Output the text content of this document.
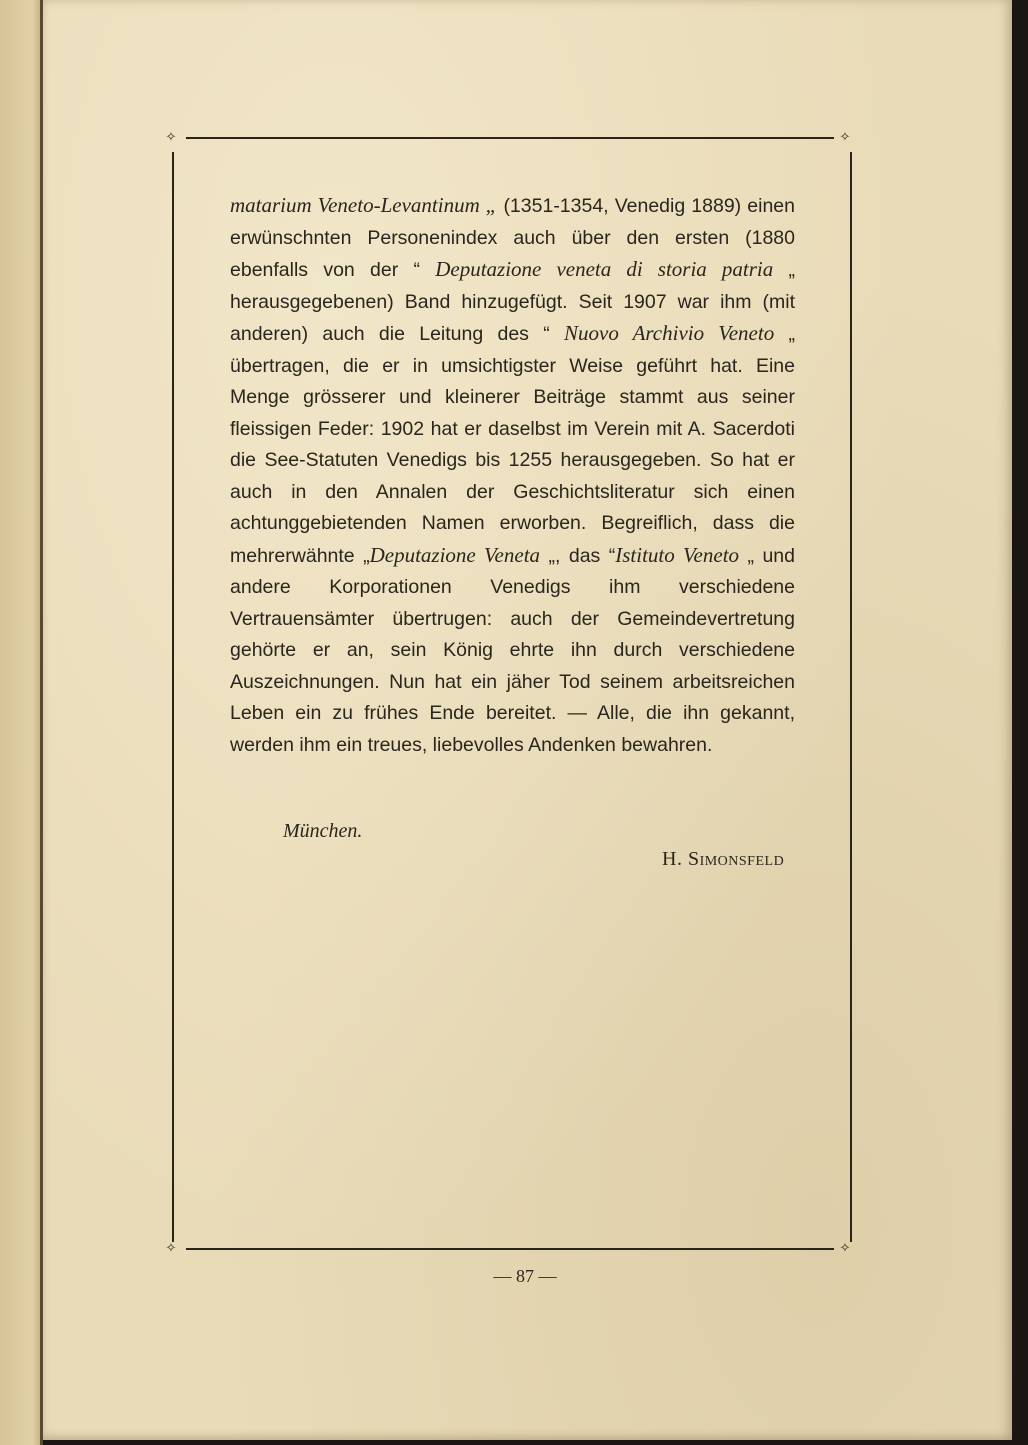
✧	✧
matarium Veneto-Levantinum „ (1351-1354, Venedig 1889) einen erwünschnten Personenindex auch über den ersten (1880 ebenfalls von der “ Deputazione veneta di storia patria „ herausgegebenen) Band hinzugefügt. Seit 1907 war ihm (mit anderen) auch die Leitung des “ Nuovo Archivio Veneto „ übertragen, die er in umsichtigster Weise geführt hat. Eine Menge grösserer und kleinerer Beiträge stammt aus seiner fleissigen Feder: 1902 hat er daselbst im Verein mit A. Sacerdoti die See-Statuten Venedigs bis 1255 herausgegeben. So hat er auch in den Annalen der Geschichtsliteratur sich einen achtunggebietenden Namen erworben. Begreiflich, dass die mehrerwähnte „Deputazione Veneta „, das “Istituto Veneto „ und andere Korporationen Venedigs ihm verschiedene Vertrauensämter übertrugen: auch der Gemeindevertretung gehörte er an, sein König ehrte ihn durch verschiedene Auszeichnungen. Nun hat ein jäher Tod seinem arbeitsreichen Leben ein zu frühes Ende bereitet. — Alle, die ihn gekannt, werden ihm ein treues, liebevolles Andenken bewahren.
München.
H. Simonsfeld
✧	✧
— 87 —
